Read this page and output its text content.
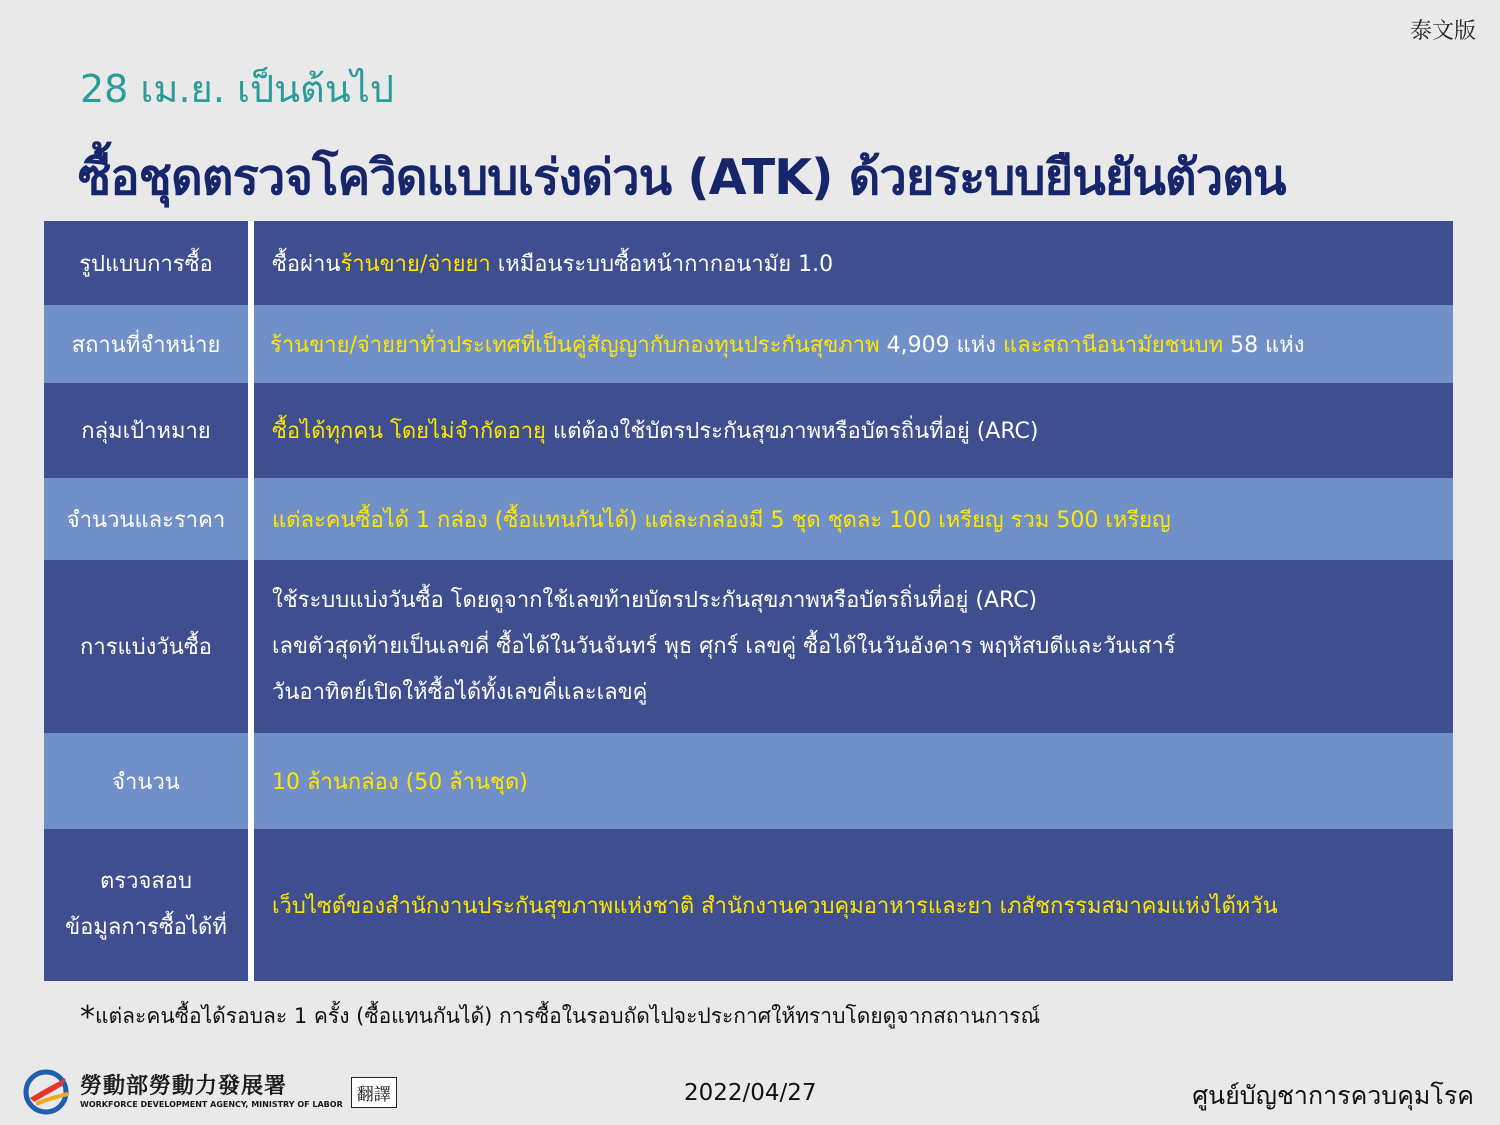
泰文版
28 เม.ย. เป็นต้นไป
ซื้อชุดตรวจโควิดแบบเร่งด่วน (ATK) ด้วยระบบยืนยันตัวตน
รูปแบบการซื้อ	ซื้อผ่านร้านขาย/จ่ายยา เหมือนระบบซื้อหน้ากากอนามัย 1.0
สถานที่จำหน่าย	ร้านขาย/จ่ายยาทั่วประเทศที่เป็นคู่สัญญากับกองทุนประกันสุขภาพ 4,909 แห่ง และสถานีอนามัยชนบท 58 แห่ง
กลุ่มเป้าหมาย	ซื้อได้ทุกคน โดยไม่จำกัดอายุ แต่ต้องใช้บัตรประกันสุขภาพหรือบัตรถิ่นที่อยู่ (ARC)
จำนวนและราคา	แต่ละคนซื้อได้ 1 กล่อง (ซื้อแทนกันได้) แต่ละกล่องมี 5 ชุด ชุดละ 100 เหรียญ รวม 500 เหรียญ
การแบ่งวันซื้อ	ใช้ระบบแบ่งวันซื้อ โดยดูจากใช้เลขท้ายบัตรประกันสุขภาพหรือบัตรถิ่นที่อยู่ (ARC)
เลขตัวสุดท้ายเป็นเลขคี่ ซื้อได้ในวันจันทร์ พุธ ศุกร์ เลขคู่ ซื้อได้ในวันอังคาร พฤหัสบดีและวันเสาร์
วันอาทิตย์เปิดให้ซื้อได้ทั้งเลขคี่และเลขคู่

จำนวน	10 ล้านกล่อง (50 ล้านชุด)

ตรวจสอบ
ข้อมูลการซื้อได้ที่	เว็บไซต์ของสำนักงานประกันสุขภาพแห่งชาติ สำนักงานควบคุมอาหารและยา เภสัชกรรมสมาคมแห่งไต้หวัน
*แต่ละคนซื้อได้รอบละ 1 ครั้ง (ซื้อแทนกันได้) การซื้อในรอบถัดไปจะประกาศให้ทราบโดยดูจากสถานการณ์
勞動部勞動力發展署
WORKFORCE DEVELOPMENT AGENCY, MINISTRY OF LABOR 翻譯	2022/04/27	ศูนย์บัญชาการควบคุมโรค
